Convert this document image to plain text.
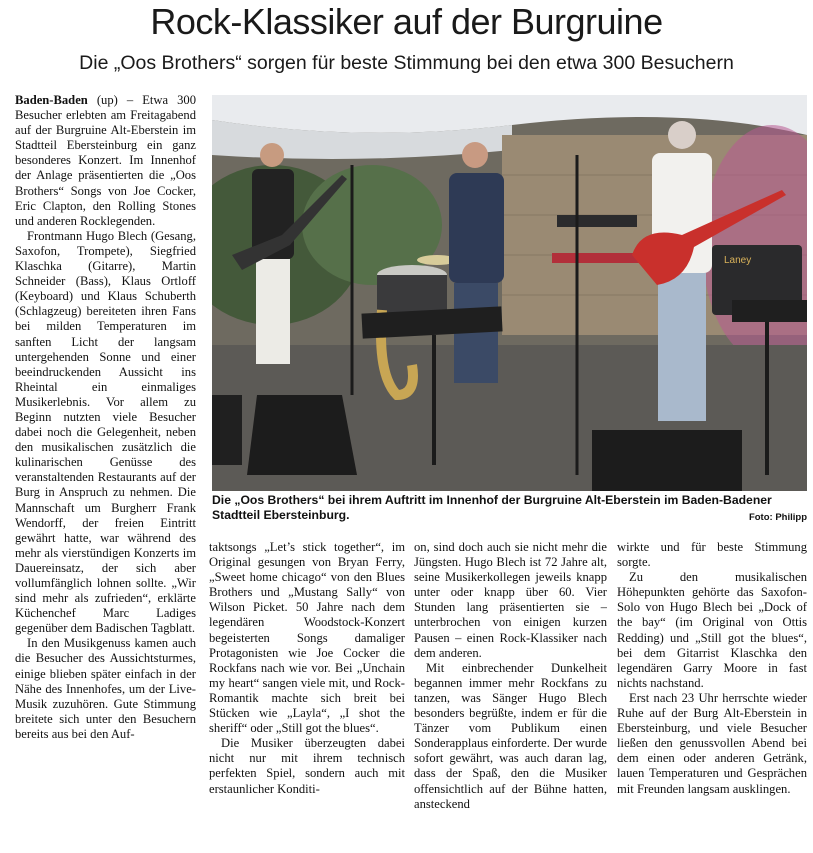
Rock-Klassiker auf der Burgruine
Die „Oos Brothers“ sorgen für beste Stimmung bei den etwa 300 Besuchern

Baden-Baden (up) – Etwa 300 Besucher erlebten am Freitagabend auf der Burgruine Alt-Eberstein im Stadtteil Ebersteinburg ein ganz besonderes Konzert. Im Innenhof der Anlage präsentierten die „Oos Brothers“ Songs von Joe Cocker, Eric Clapton, den Rolling Stones und anderen Rocklegenden.

Frontmann Hugo Blech (Gesang, Saxofon, Trompete), Siegfried Klaschka (Gitarre), Martin Schneider (Bass), Klaus Ortloff (Keyboard) und Klaus Schuberth (Schlagzeug) bereiteten ihren Fans bei milden Temperaturen im sanften Licht der langsam untergehenden Sonne und einer beeindruckenden Aussicht ins Rheintal ein einmaliges Musikerlebnis. Vor allem zu Beginn nutzten viele Besucher dabei noch die Gelegenheit, neben den musikalischen zusätzlich die kulinarischen Genüsse des veranstaltenden Restaurants auf der Burg in Anspruch zu nehmen. Die Mannschaft um Burgherr Frank Wendorff, der freien Eintritt gewährt hatte, war während des mehr als vierstündigen Konzerts im Dauereinsatz, der sich aber vollumfänglich lohnen sollte. „Wir sind mehr als zufrieden“, erklärte Küchenchef Marc Ladiges gegenüber dem Badischen Tagblatt.

In den Musikgenuss kamen auch die Besucher des Aussichtsturmes, einige blieben später einfach in der Nähe des Innenhofes, um der Live-Musik zuzuhören. Gute Stimmung breitete sich unter den Besuchern bereits aus bei den Auf-

Laney
Die „Oos Brothers“ bei ihrem Auftritt im Innenhof der Burgruine Alt-Eberstein im Baden-Badener Stadtteil Ebersteinburg.	Foto: Philipp

taktsongs „Let’s stick together“, im Original gesungen von Bryan Ferry, „Sweet home chicago“ von den Blues Brothers und „Mustang Sally“ von Wilson Picket. 50 Jahre nach dem legendären Woodstock-Konzert begeisterten Songs damaliger Protagonisten wie Joe Cocker die Rockfans nach wie vor. Bei „Unchain my heart“ sangen viele mit, und Rock-Romantik machte sich breit bei Stücken wie „Layla“, „I shot the sheriff“ oder „Still got the blues“.

Die Musiker überzeugten dabei nicht nur mit ihrem technisch perfekten Spiel, sondern auch mit erstaunlicher Konditi-

on, sind doch auch sie nicht mehr die Jüngsten. Hugo Blech ist 72 Jahre alt, seine Musikerkollegen jeweils knapp unter oder knapp über 60. Vier Stunden lang präsentierten sie – unterbrochen von einigen kurzen Pausen – einen Rock-Klassiker nach dem anderen.

Mit einbrechender Dunkelheit begannen immer mehr Rockfans zu tanzen, was Sänger Hugo Blech besonders begrüßte, indem er für die Tänzer vom Publikum einen Sonderapplaus einforderte. Der wurde sofort gewährt, was auch daran lag, dass der Spaß, den die Musiker offensichtlich auf der Bühne hatten, ansteckend

wirkte und für beste Stimmung sorgte.

Zu den musikalischen Höhepunkten gehörte das Saxofon-Solo von Hugo Blech bei „Dock of the bay“ (im Original von Ottis Redding) und „Still got the blues“, bei dem Gitarrist Klaschka den legendären Garry Moore in fast nichts nachstand.

Erst nach 23 Uhr herrschte wieder Ruhe auf der Burg Alt-Eberstein in Ebersteinburg, und viele Besucher ließen den genussvollen Abend bei dem einen oder anderen Getränk, lauen Temperaturen und Gesprächen mit Freunden langsam ausklingen.
